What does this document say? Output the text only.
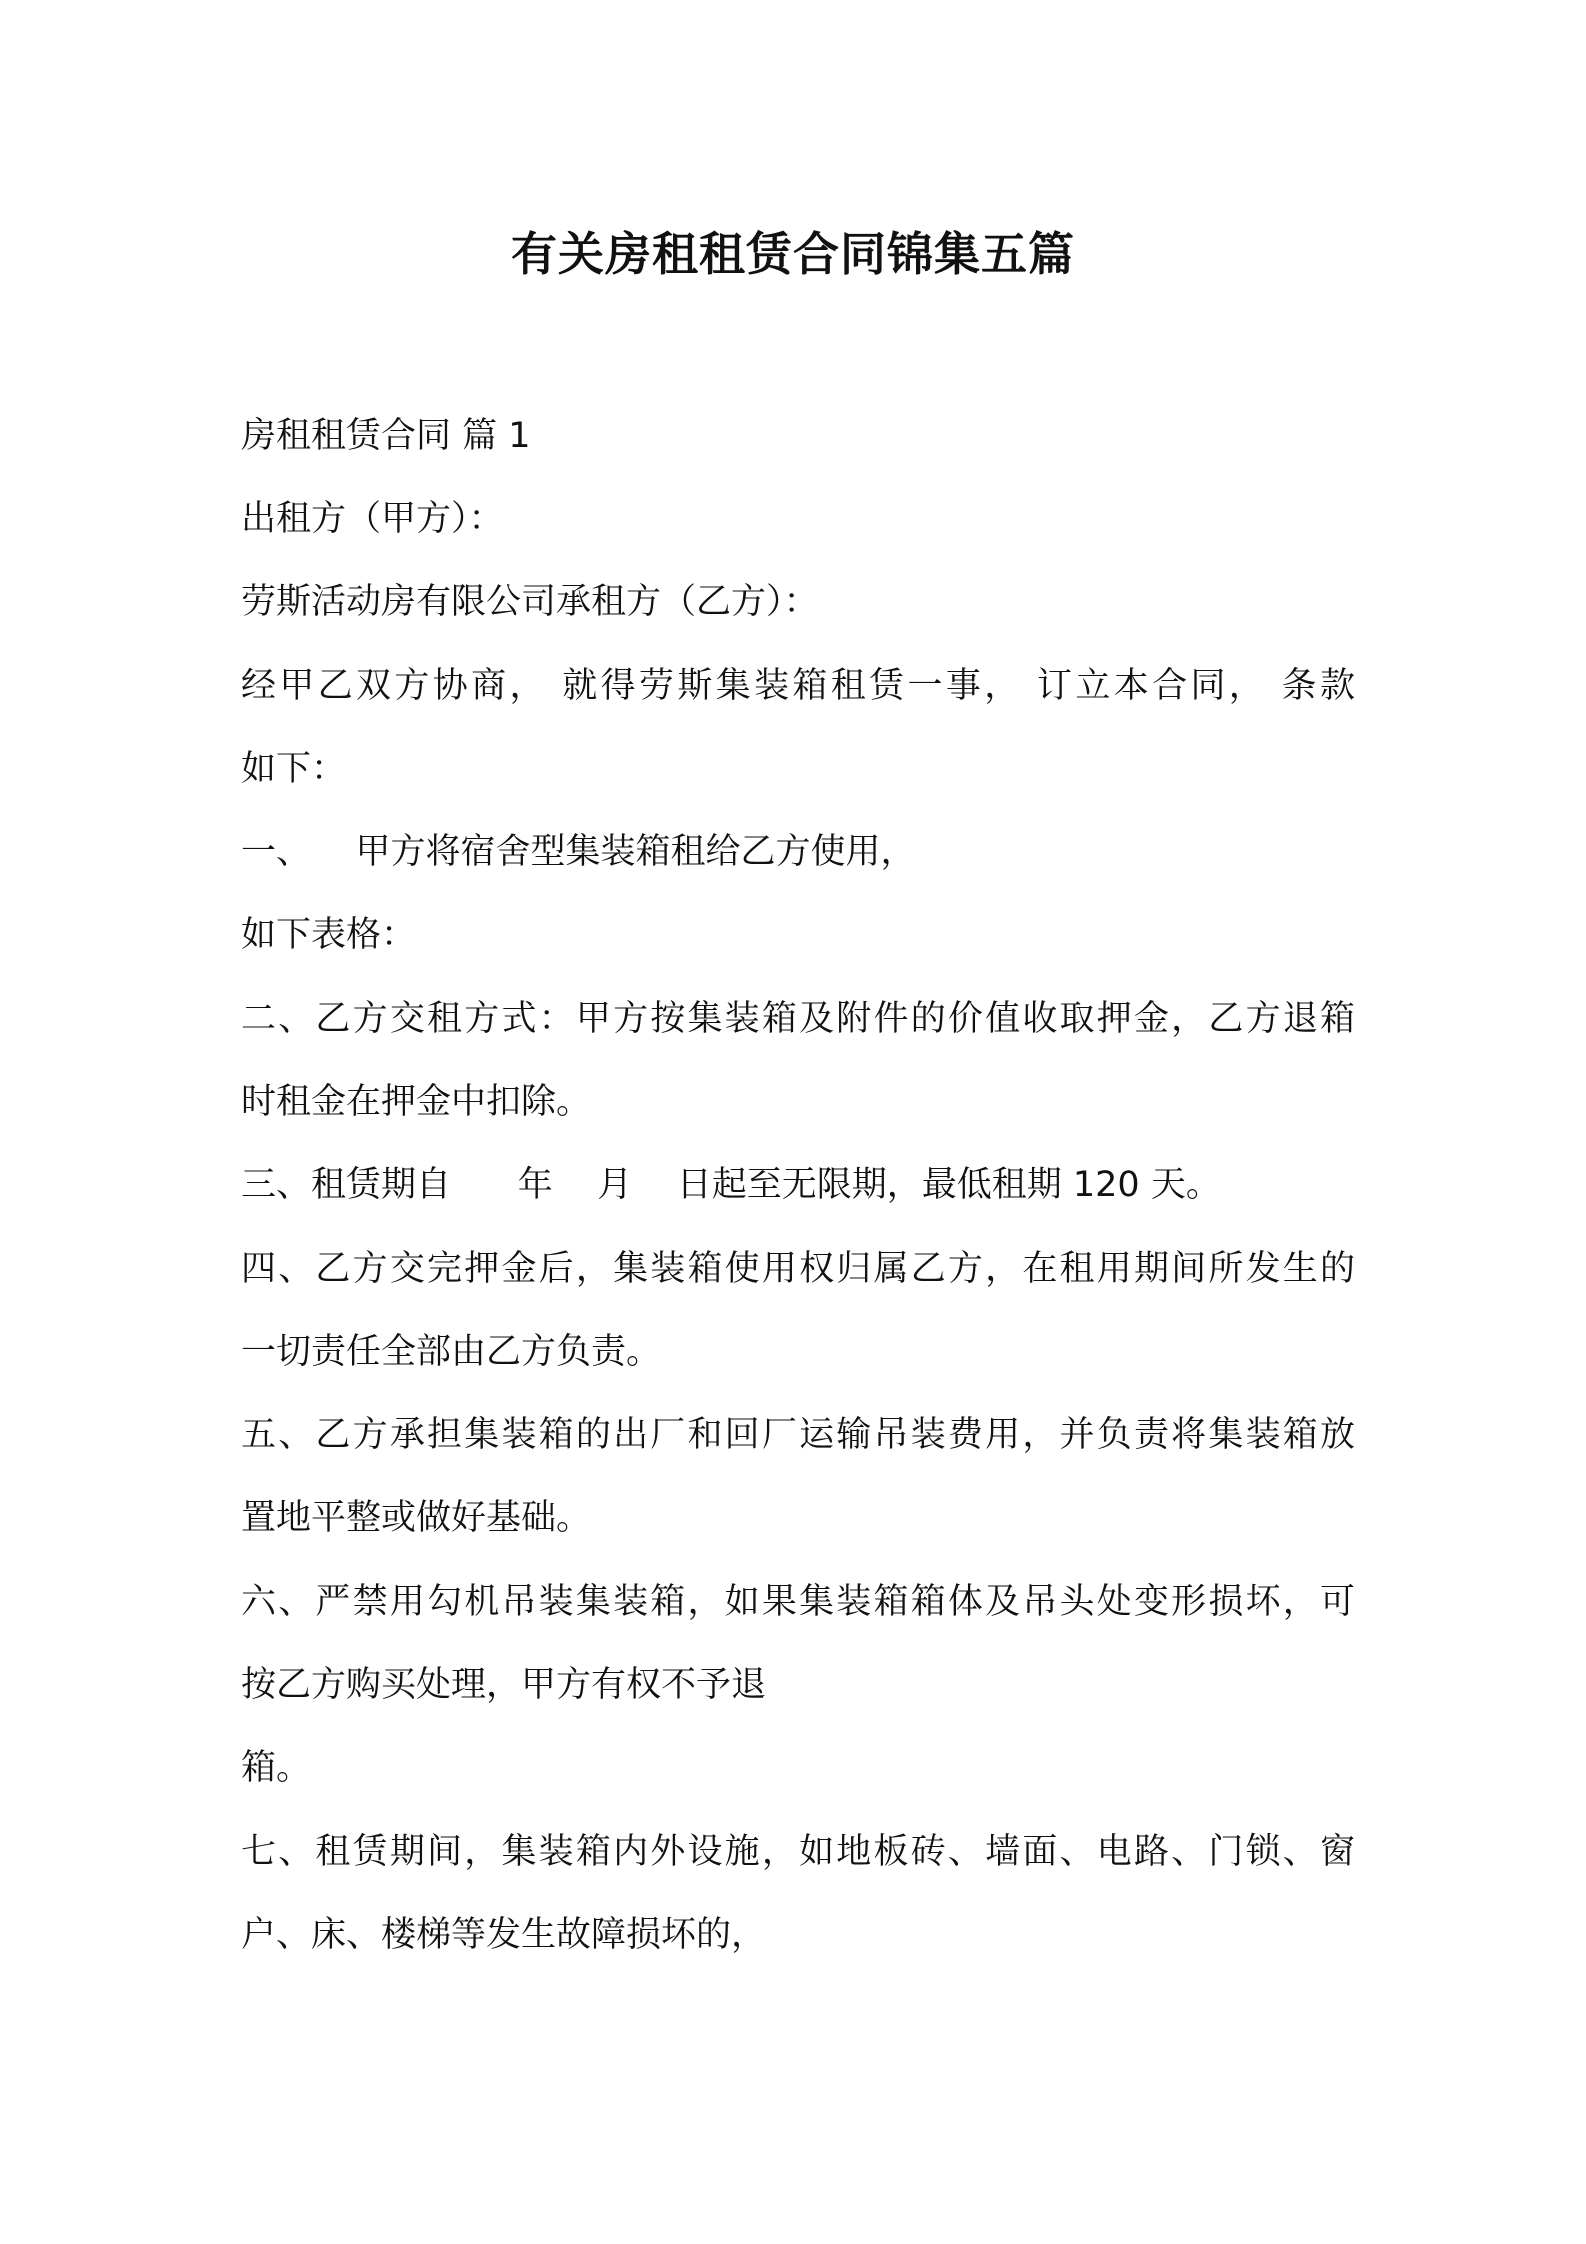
有关房租租赁合同锦集五篇
房租租赁合同 篇 1
出租方（甲方）：
劳斯活动房有限公司承租方（乙方）：
经甲乙双方协商， 就得劳斯集装箱租赁一事， 订立本合同， 条款
如下：
一、    甲方将宿舍型集装箱租给乙方使用，
如下表格：
二、乙方交租方式：甲方按集装箱及附件的价值收取押金，乙方退箱
时租金在押金中扣除。
三、租赁期自      年    月    日起至无限期，最低租期 120 天。
四、乙方交完押金后，集装箱使用权归属乙方，在租用期间所发生的
一切责任全部由乙方负责。
五、乙方承担集装箱的出厂和回厂运输吊装费用，并负责将集装箱放
置地平整或做好基础。
六、严禁用勾机吊装集装箱，如果集装箱箱体及吊头处变形损坏，可
按乙方购买处理，甲方有权不予退
箱。
七、租赁期间，集装箱内外设施，如地板砖、墙面、电路、门锁、窗
户、床、楼梯等发生故障损坏的，
